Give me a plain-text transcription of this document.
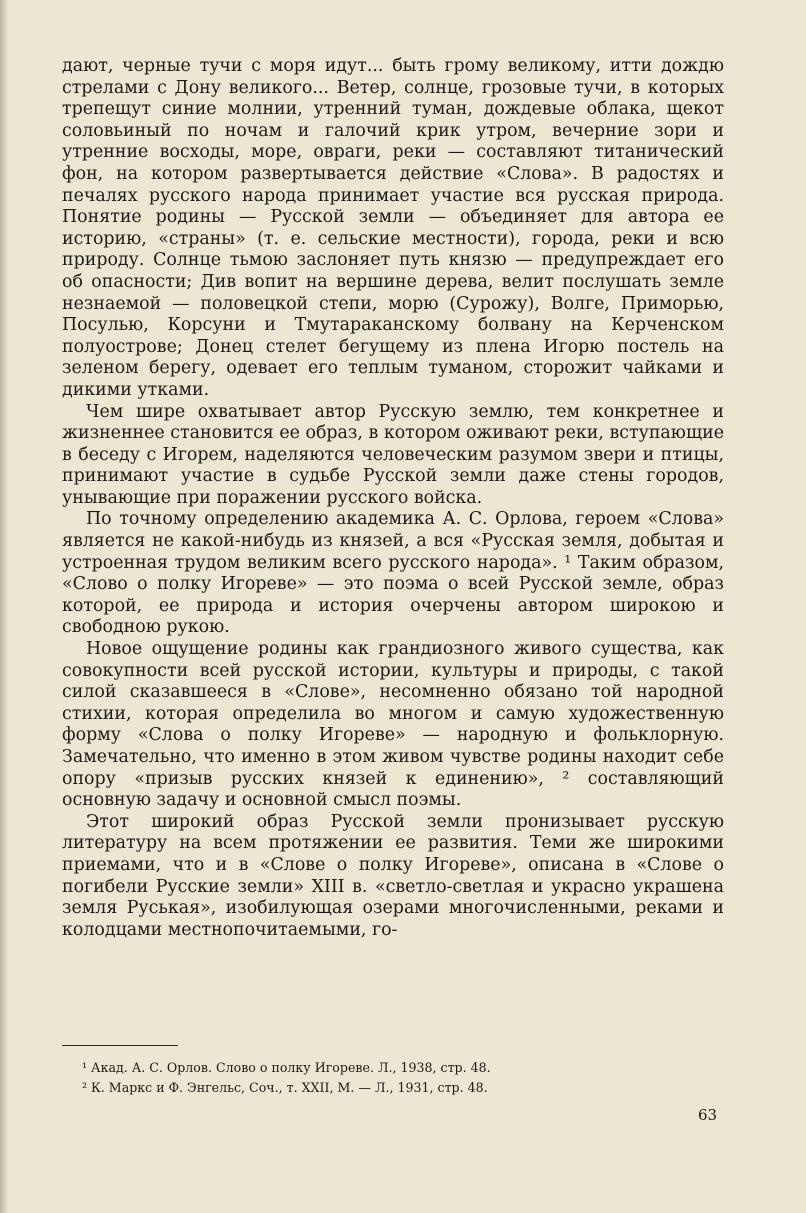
дают, черные тучи с моря идут... быть грому великому, итти дождю стрелами с Дону великого... Ветер, солнце, грозовые тучи, в которых трепещут синие молнии, утренний туман, дождевые облака, щекот соловьиный по ночам и галочий крик утром, вечерние зори и утренние восходы, море, овраги, реки — составляют титанический фон, на котором развертывается действие «Слова». В радостях и печалях русского народа принимает участие вся русская природа. Понятие родины — Русской земли — объединяет для автора ее историю, «страны» (т. е. сельские местности), города, реки и всю природу. Солнце тьмою заслоняет путь князю — предупреждает его об опасности; Див вопит на вершине дерева, велит послушать земле незнаемой — половецкой степи, морю (Сурожу), Волге, Приморью, Посулью, Корсуни и Тмутараканскому болвану на Керченском полуострове; Донец стелет бегущему из плена Игорю постель на зеленом берегу, одевает его теплым туманом, сторожит чайками и дикими утками.

Чем шире охватывает автор Русскую землю, тем конкретнее и жизненнее становится ее образ, в котором оживают реки, вступающие в беседу с Игорем, наделяются человеческим разумом звери и птицы, принимают участие в судьбе Русской земли даже стены городов, унывающие при поражении русского войска.

По точному определению академика А. С. Орлова, героем «Слова» является не какой-нибудь из князей, а вся «Русская земля, добытая и устроенная трудом великим всего русского народа». ¹ Таким образом, «Слово о полку Игореве» — это поэма о всей Русской земле, образ которой, ее природа и история очерчены автором широкою и свободною рукою.

Новое ощущение родины как грандиозного живого существа, как совокупности всей русской истории, культуры и природы, с такой силой сказавшееся в «Слове», несомненно обязано той народной стихии, которая определила во многом и самую художественную форму «Слова о полку Игореве» — народную и фольклорную. Замечательно, что именно в этом живом чувстве родины находит себе опору «призыв русских князей к единению», ² составляющий основную задачу и основной смысл поэмы.

Этот широкий образ Русской земли пронизывает русскую литературу на всем протяжении ее развития. Теми же широкими приемами, что и в «Слове о полку Игореве», описана в «Слове о погибели Русские земли» XIII в. «светло-светлая и украсно украшена земля Руськая», изобилующая озерами многочисленными, реками и колодцами местнопочитаемыми, го-

¹ Акад. А. С. Орлов. Слово о полку Игореве. Л., 1938, стр. 48.
² К. Маркс и Ф. Энгельс, Соч., т. XXII, М. — Л., 1931, стр. 48.
63
